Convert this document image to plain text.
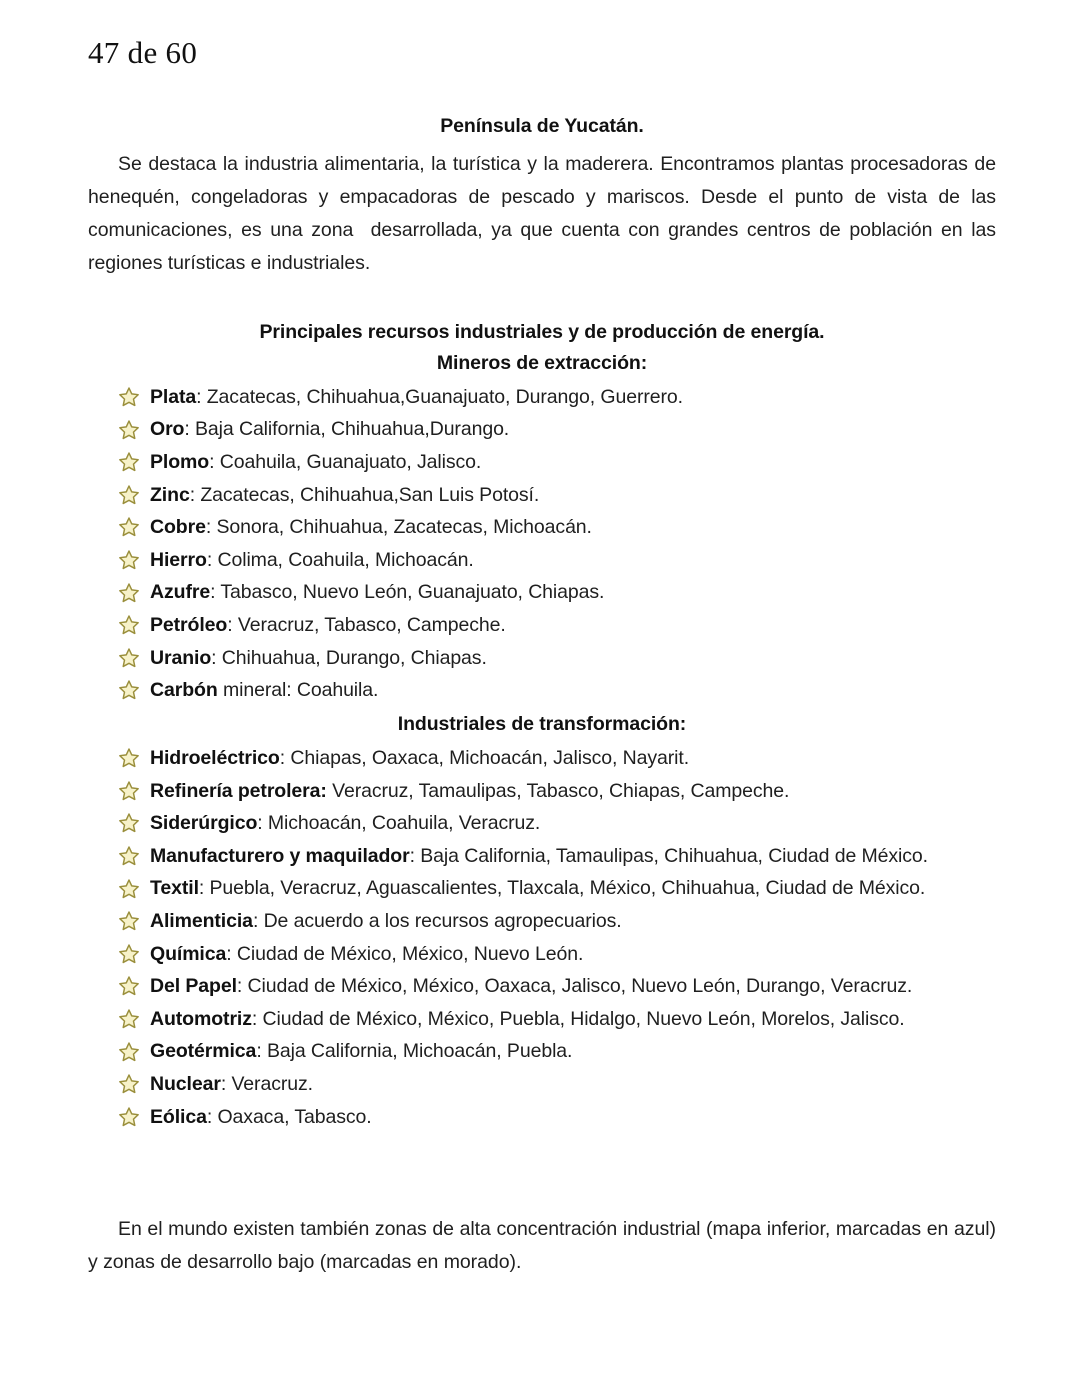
47 de 60
Península de Yucatán.

Se destaca la industria alimentaria, la turística y la maderera. Encontramos plantas procesadoras de henequén, congeladoras y empacadoras de pescado y mariscos. Desde el punto de vista de las comunicaciones, es una zona  desarrollada, ya que cuenta con grandes centros de población en las regiones turísticas e industriales.

Principales recursos industriales y de producción de energía.
Mineros de extracción:
Plata: Zacatecas, Chihuahua,Guanajuato, Durango, Guerrero.
Oro: Baja California, Chihuahua,Durango.
Plomo: Coahuila, Guanajuato, Jalisco.
Zinc: Zacatecas, Chihuahua,San Luis Potosí.
Cobre: Sonora, Chihuahua, Zacatecas, Michoacán.
Hierro: Colima, Coahuila, Michoacán.
Azufre: Tabasco, Nuevo León, Guanajuato, Chiapas.
Petróleo: Veracruz, Tabasco, Campeche.
Uranio: Chihuahua, Durango, Chiapas.
Carbón mineral: Coahuila.
Industriales de transformación:
Hidroeléctrico: Chiapas, Oaxaca, Michoacán, Jalisco, Nayarit.
Refinería petrolera: Veracruz, Tamaulipas, Tabasco, Chiapas, Campeche.
Siderúrgico: Michoacán, Coahuila, Veracruz.
Manufacturero y maquilador: Baja California, Tamaulipas, Chihuahua, Ciudad de México.
Textil: Puebla, Veracruz, Aguascalientes, Tlaxcala, México, Chihuahua, Ciudad de México.
Alimenticia: De acuerdo a los recursos agropecuarios.
Química: Ciudad de México, México, Nuevo León.
Del Papel: Ciudad de México, México, Oaxaca, Jalisco, Nuevo León, Durango, Veracruz.
Automotriz: Ciudad de México, México, Puebla, Hidalgo, Nuevo León, Morelos, Jalisco.
Geotérmica: Baja California, Michoacán, Puebla.
Nuclear: Veracruz.
Eólica: Oaxaca, Tabasco.

En el mundo existen también zonas de alta concentración industrial (mapa inferior, marcadas en azul) y zonas de desarrollo bajo (marcadas en morado).
